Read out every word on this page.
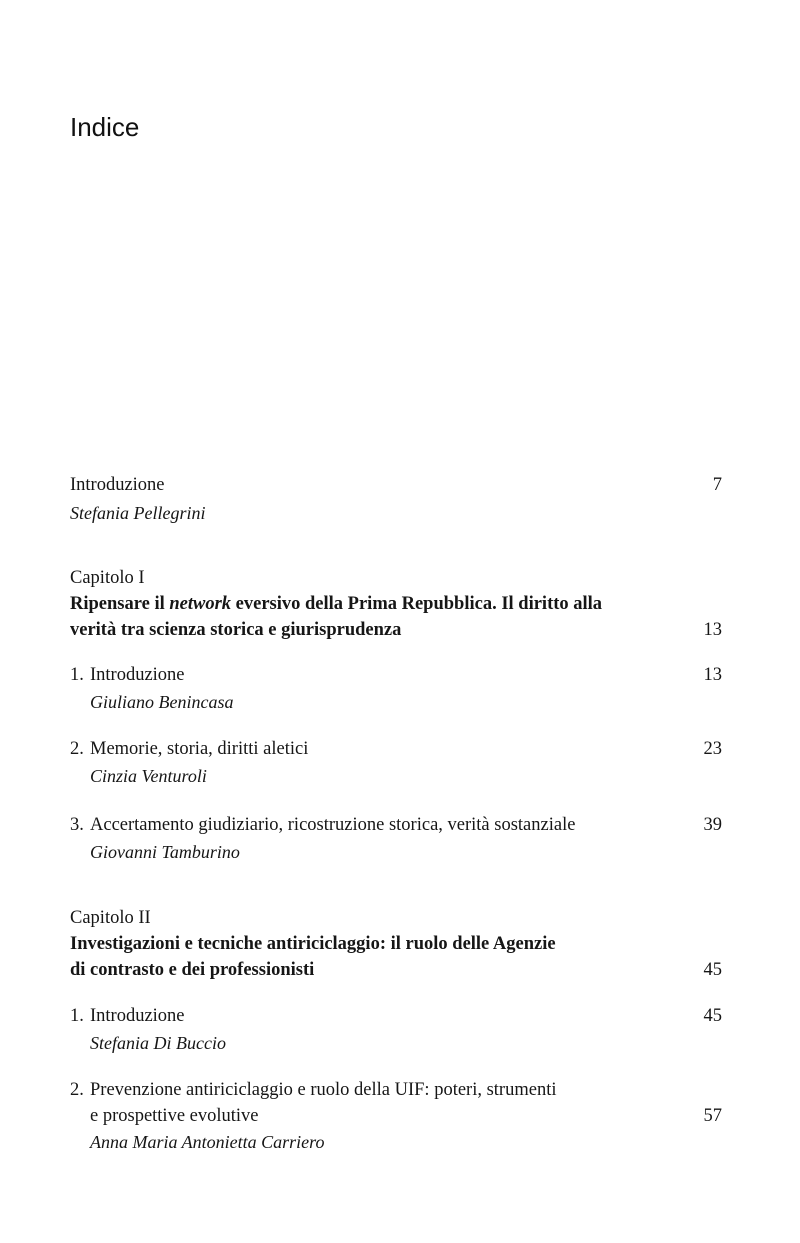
Indice
Introduzione	7
Stefania Pellegrini
Capitolo I
Ripensare il network eversivo della Prima Repubblica. Il diritto alla
verità tra scienza storica e giurisprudenza	13
1. Introduzione	13
Giuliano Benincasa
2. Memorie, storia, diritti aletici	23
Cinzia Venturoli
3. Accertamento giudiziario, ricostruzione storica, verità sostanziale	39
Giovanni Tamburino
Capitolo II
Investigazioni e tecniche antiriciclaggio: il ruolo delle Agenzie
di contrasto e dei professionisti	45
1. Introduzione	45
Stefania Di Buccio
2. Prevenzione antiriciclaggio e ruolo della UIF: poteri, strumenti
e prospettive evolutive	57
Anna Maria Antonietta Carriero
